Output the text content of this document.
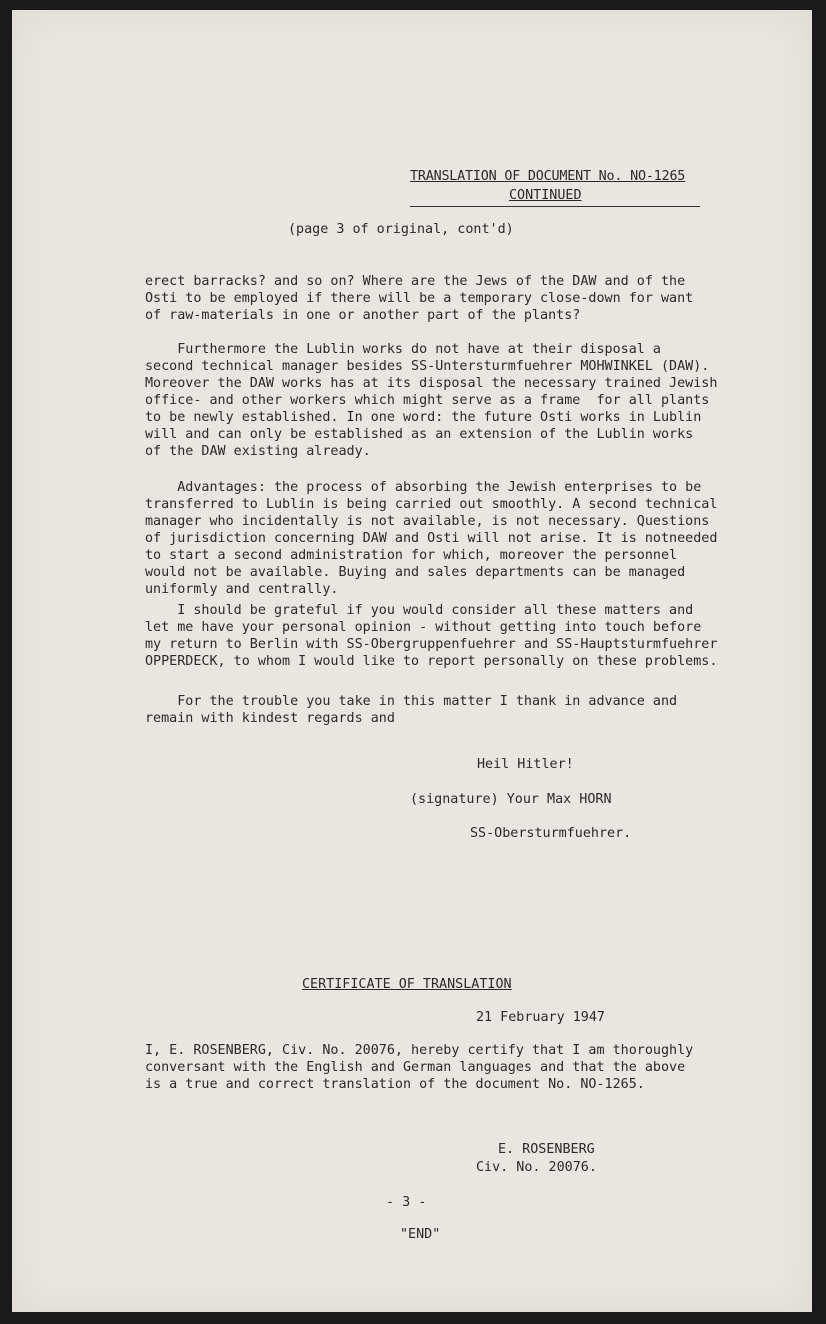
TRANSLATION OF DOCUMENT No. NO-1265
CONTINUED
(page 3 of original, cont'd)
erect barracks? and so on? Where are the Jews of the DAW and of the
Osti to be employed if there will be a temporary close-down for want
of raw-materials in one or another part of the plants?
Furthermore the Lublin works do not have at their disposal a
second technical manager besides SS-Untersturmfuehrer MOHWINKEL (DAW).
Moreover the DAW works has at its disposal the necessary trained Jewish
office- and other workers which might serve as a frame  for all plants
to be newly established. In one word: the future Osti works in Lublin
will and can only be established as an extension of the Lublin works
of the DAW existing already.
Advantages: the process of absorbing the Jewish enterprises to be
transferred to Lublin is being carried out smoothly. A second technical
manager who incidentally is not available, is not necessary. Questions
of jurisdiction concerning DAW and Osti will not arise. It is notneeded
to start a second administration for which, moreover the personnel
would not be available. Buying and sales departments can be managed
uniformly and centrally.
I should be grateful if you would consider all these matters and
let me have your personal opinion - without getting into touch before
my return to Berlin with SS-Obergruppenfuehrer and SS-Hauptsturmfuehrer
OPPERDECK, to whom I would like to report personally on these problems.
For the trouble you take in this matter I thank in advance and
remain with kindest regards and
Heil Hitler!
(signature) Your Max HORN
SS-Obersturmfuehrer.
CERTIFICATE OF TRANSLATION
21 February 1947
I, E. ROSENBERG, Civ. No. 20076, hereby certify that I am thoroughly
conversant with the English and German languages and that the above
is a true and correct translation of the document No. NO-1265.
E. ROSENBERG
Civ. No. 20076.
- 3 -
"END"
